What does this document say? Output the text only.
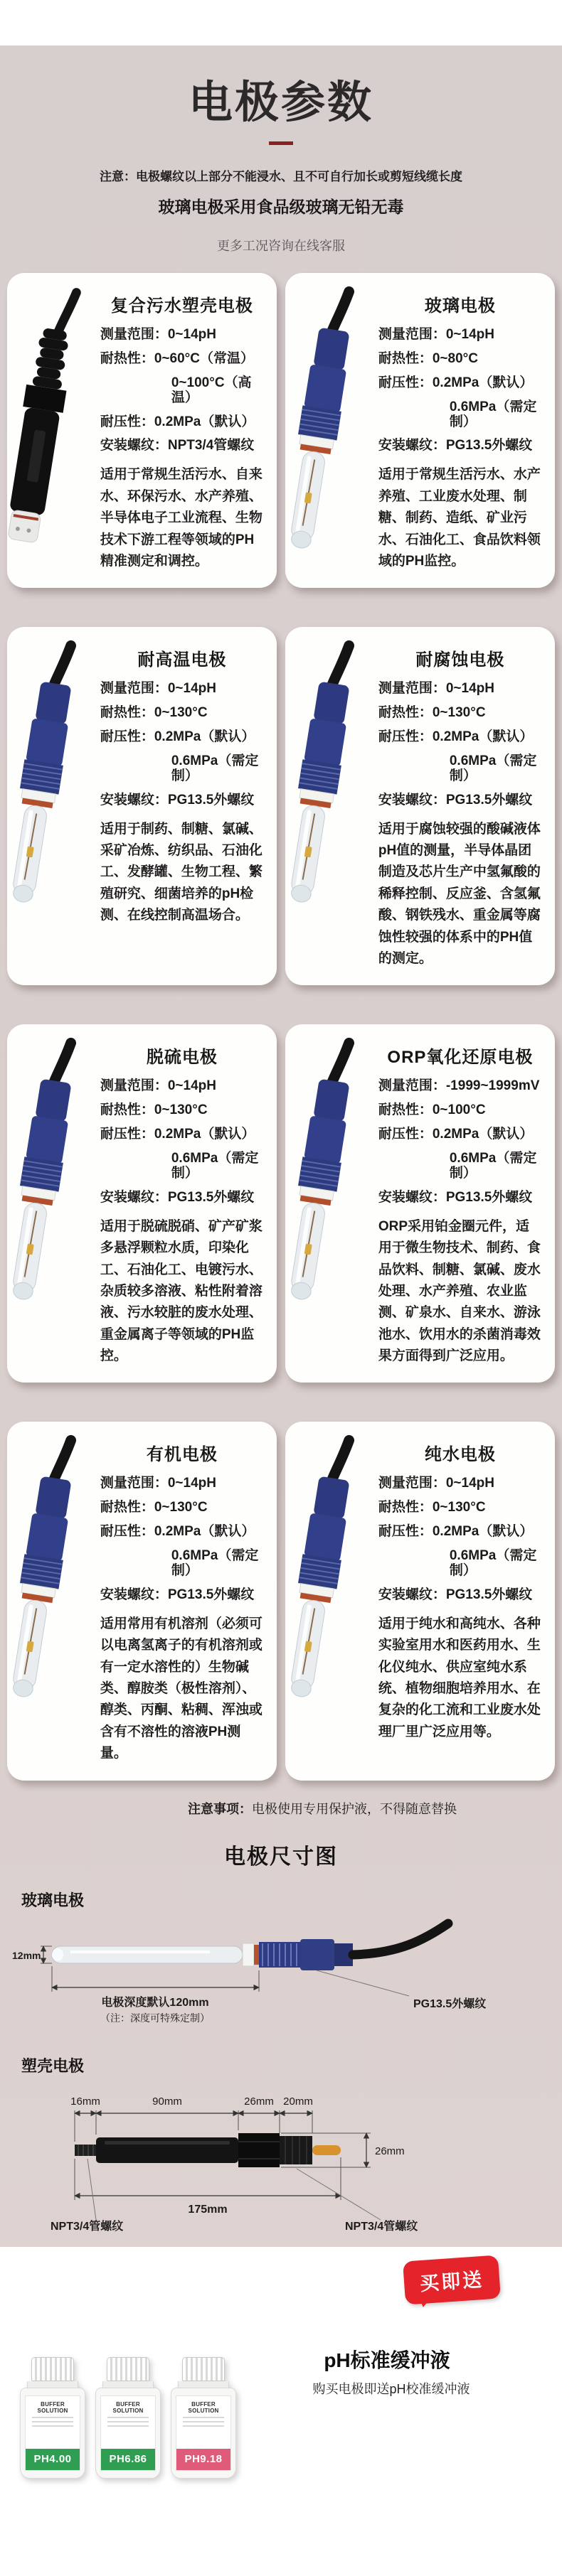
电极参数

注意：电极螺纹以上部分不能浸水、且不可自行加长或剪短线缆长度

玻璃电极采用食品级玻璃无铅无毒

更多工况咨询在线客服

复合污水塑壳电极
测量范围：0~14pH
耐热性：0~60°C（常温）
0~100°C（高温）
耐压性：0.2MPa（默认）
安装螺纹：NPT3/4管螺纹

适用于常规生活污水、自来水、环保污水、水产养殖、半导体电子工业流程、生物技术下游工程等领域的PH精准测定和调控。

玻璃电极
测量范围：0~14pH
耐热性：0~80°C
耐压性：0.2MPa（默认）
0.6MPa（需定制）
安装螺纹：PG13.5外螺纹

适用于常规生活污水、水产养殖、工业废水处理、制糖、制药、造纸、矿业污水、石油化工、食品饮料领域的PH监控。

耐高温电极
测量范围：0~14pH
耐热性：0~130°C
耐压性：0.2MPa（默认）
0.6MPa（需定制）
安装螺纹：PG13.5外螺纹

适用于制药、制糖、氯碱、采矿冶炼、纺织品、石油化工、发酵罐、生物工程、繁殖研究、细菌培养的pH检测、在线控制高温场合。

耐腐蚀电极
测量范围：0~14pH
耐热性：0~130°C
耐压性：0.2MPa（默认）
0.6MPa（需定制）
安装螺纹：PG13.5外螺纹

适用于腐蚀较强的酸碱液体pH值的测量，半导体晶团制造及芯片生产中氢氟酸的稀释控制、反应釜、含氢氟酸、钢铁残水、重金属等腐蚀性较强的体系中的PH值的测定。

脱硫电极
测量范围：0~14pH
耐热性：0~130°C
耐压性：0.2MPa（默认）
0.6MPa（需定制）
安装螺纹：PG13.5外螺纹

适用于脱硫脱硝、矿产矿浆多悬浮颗粒水质，印染化工、石油化工、电镀污水、杂质较多溶液、粘性附着溶液、污水较脏的废水处理、重金属离子等领域的PH监控。

ORP氧化还原电极
测量范围：-1999~1999mV
耐热性：0~100°C
耐压性：0.2MPa（默认）
0.6MPa（需定制）
安装螺纹：PG13.5外螺纹

ORP采用铂金圈元件，适用于微生物技术、制药、食品饮料、制糖、氯碱、废水处理、水产养殖、农业监测、矿泉水、自来水、游泳池水、饮用水的杀菌消毒效果方面得到广泛应用。

有机电极
测量范围：0~14pH
耐热性：0~130°C
耐压性：0.2MPa（默认）
0.6MPa（需定制）
安装螺纹：PG13.5外螺纹

适用常用有机溶剂（必须可以电离氢离子的有机溶剂或有一定水溶性的）生物碱类、醇胺类（极性溶剂）、醇类、丙酮、粘稠、浑浊或含有不溶性的溶液PH测量。

纯水电极
测量范围：0~14pH
耐热性：0~130°C
耐压性：0.2MPa（默认）
0.6MPa（需定制）
安装螺纹：PG13.5外螺纹

适用于纯水和高纯水、各种实验室用水和医药用水、生化仪纯水、供应室纯水系统、植物细胞培养用水、在复杂的化工流和工业废水处理厂里广泛应用等。

注意事项：电极使用专用保护液，不得随意替换

电极尺寸图
玻璃电极
12mm
电极深度默认120mm
（注：深度可特殊定制）
PG13.5外螺纹
塑壳电极
16mm	90mm	26mm 20mm
26mm
175mm
NPT3/4管螺纹	NPT3/4管螺纹
BUFFER SOLUTION
PH4.00
BUFFER SOLUTION
PH6.86
BUFFER SOLUTION
PH9.18
买即送
pH标准缓冲液
购买电极即送pH校准缓冲液
